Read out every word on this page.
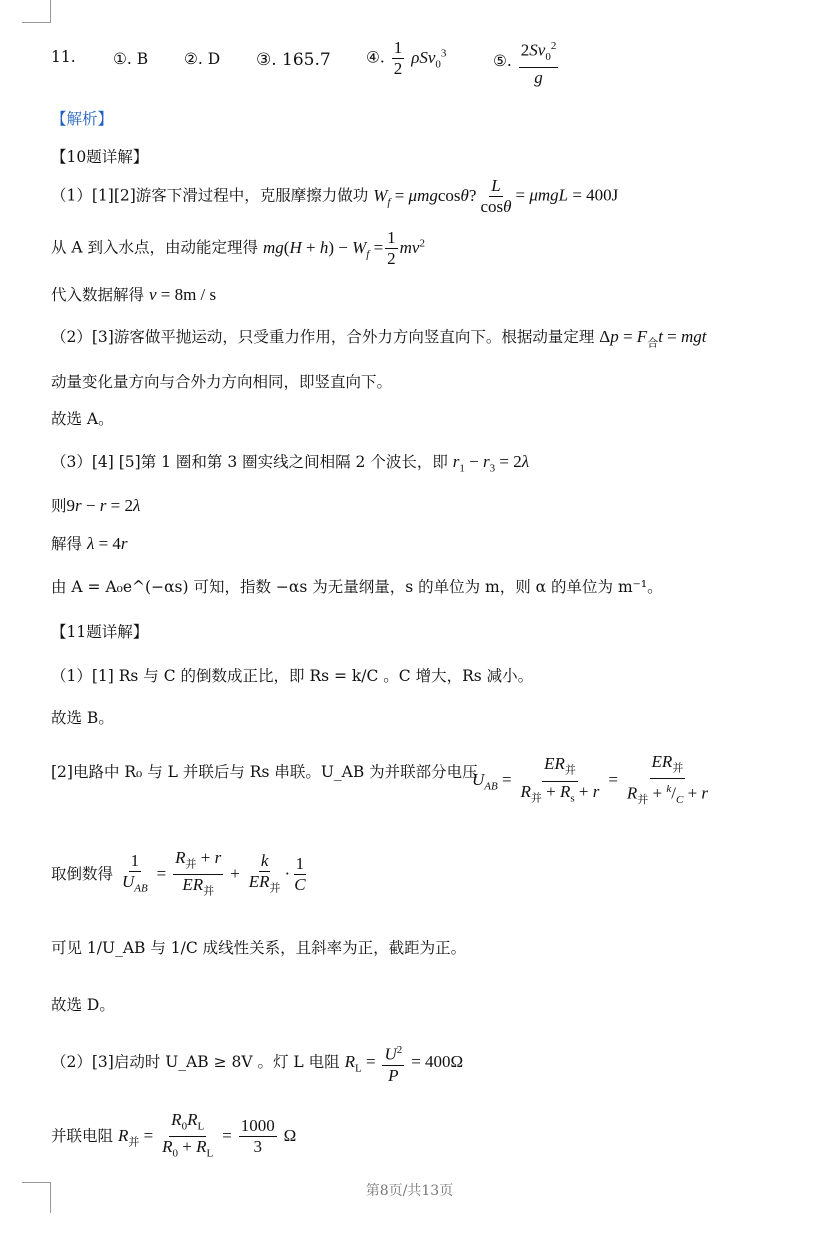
11. ①. B ②. D ③. 165.7 ④. $\frac{1}{2} \rho Sv_0^3$	⑤. $\frac{2Sv_0^2}{g}$
【解析】
【10题详解】
（1）[1][2]游客下滑过程中，克服摩擦力做功 $W_f = \mu mgcos\theta$? $\frac{L}{\cos\theta} = \mu mgL = 400J$
从 A 到入水点，由动能定理得 $mg(H + h) - W_f = \frac{1}{2} mv^2$
代入数据解得 v = 8m / s
（2）[3]游客做平抛运动，只受重力作用，合外力方向竖直向下。根据动量定理 $\Delta p = F_合t$ = mgt
动量变化量方向与合外力方向相同，即竖直向下。
故选 A。
（3）[4] [5]第 1 圈和第 3 圈实线之间相隔 2 个波长，即 $r_1 - r_3 = 2\lambda$
则9r − r = 2λ
解得 λ = 4r
由 A = A₀e^(−αs) 可知，指数 −αs 为无量纲量，s 的单位为 m，则 α 的单位为 m⁻¹。
【11题详解】
（1）[1] Rs 与 C 的倒数成正比，即 Rs = k/C 。C 增大，Rs 减小。
故选 B。
[2]电路中 R₀ 与 L 并联后与 Rs 串联。U_AB 为并联部分电压
$U_{AB} = \frac{ER_并}{R_并 + R_s + r} = \frac{ER_并}{R_并 + ^k/_C + r}$
取倒数得 $\frac{1}{U_{AB}} = \frac{R_并 + r}{ER_并} + \frac{k}{ER_并} \cdot \frac{1}{C}$
可见 1/U_AB 与 1/C 成线性关系，且斜率为正，截距为正。
故选 D。
（2）[3]启动时 U_AB ≥ 8V 。灯 L 电阻 $R_L = \frac{U^2}{P} = 400\Omega$
并联电阻 $R_并 = \frac{R_0R_L}{R_0 + R_L} = \frac{1000}{3}$ Ω
第8页/共13页
